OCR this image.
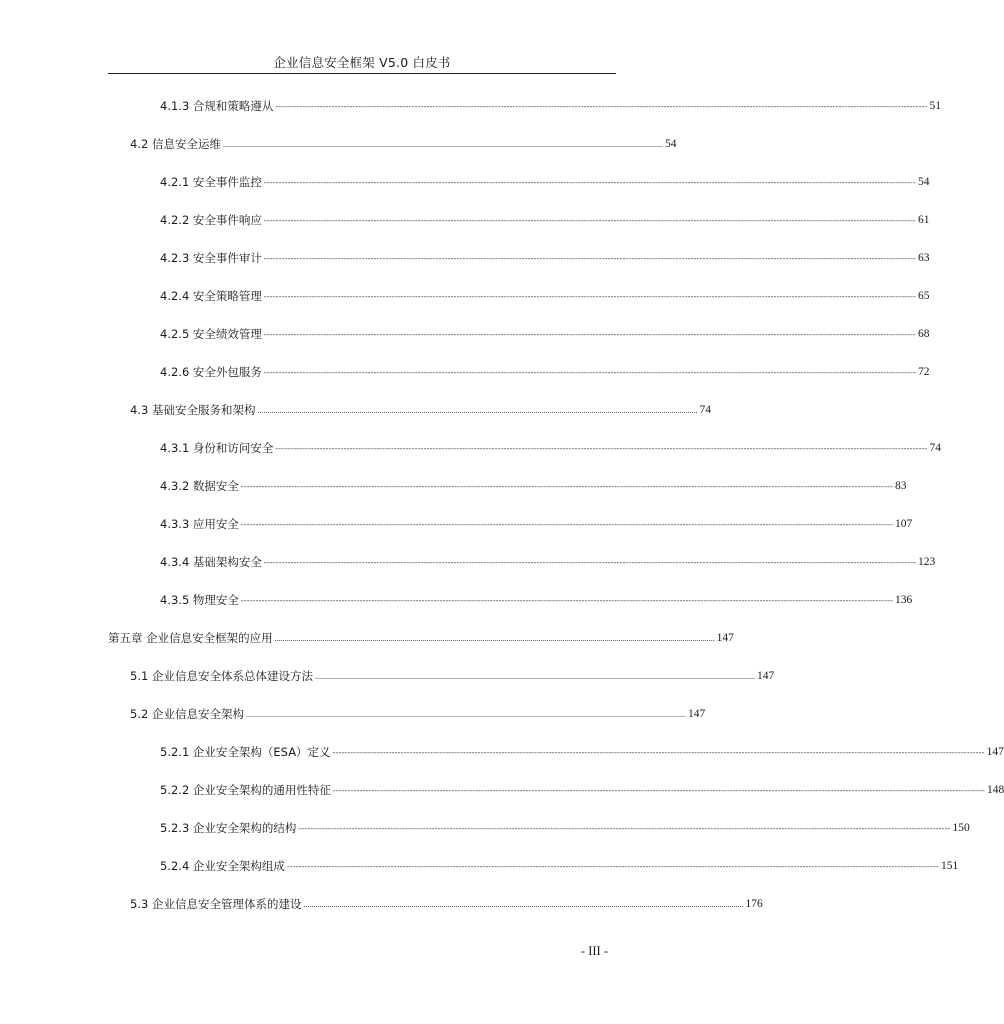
企业信息安全框架 V5.0 白皮书
4.1.3 合规和策略遵从 ---------------------------------------------------------------------------------------------------------------------------------------------------------------------------------------------------------------------------- 51
4.2 信息安全运维 ............................................................................................................................................................................................................................ 54
4.2.1 安全事件监控 ---------------------------------------------------------------------------------------------------------------------------------------------------------------------------------------------------------------------------- 54
4.2.2 安全事件响应 ---------------------------------------------------------------------------------------------------------------------------------------------------------------------------------------------------------------------------- 61
4.2.3 安全事件审计 ---------------------------------------------------------------------------------------------------------------------------------------------------------------------------------------------------------------------------- 63
4.2.4 安全策略管理 ---------------------------------------------------------------------------------------------------------------------------------------------------------------------------------------------------------------------------- 65
4.2.5 安全绩效管理 ---------------------------------------------------------------------------------------------------------------------------------------------------------------------------------------------------------------------------- 68
4.2.6 安全外包服务 ---------------------------------------------------------------------------------------------------------------------------------------------------------------------------------------------------------------------------- 72
4.3 基础安全服务和架构 ............................................................................................................................................................................................................................ 74
4.3.1 身份和访问安全 ---------------------------------------------------------------------------------------------------------------------------------------------------------------------------------------------------------------------------- 74
4.3.2 数据安全 ---------------------------------------------------------------------------------------------------------------------------------------------------------------------------------------------------------------------------- 83
4.3.3 应用安全 ---------------------------------------------------------------------------------------------------------------------------------------------------------------------------------------------------------------------------- 107
4.3.4 基础架构安全 ---------------------------------------------------------------------------------------------------------------------------------------------------------------------------------------------------------------------------- 123
4.3.5 物理安全 ---------------------------------------------------------------------------------------------------------------------------------------------------------------------------------------------------------------------------- 136
第五章 企业信息安全框架的应用 ............................................................................................................................................................................................................................ 147
5.1 企业信息安全体系总体建设方法 ............................................................................................................................................................................................................................ 147
5.2 企业信息安全架构 ............................................................................................................................................................................................................................ 147
5.2.1 企业安全架构（ESA）定义 ---------------------------------------------------------------------------------------------------------------------------------------------------------------------------------------------------------------------------- 147
5.2.2 企业安全架构的通用性特征 ---------------------------------------------------------------------------------------------------------------------------------------------------------------------------------------------------------------------------- 148
5.2.3 企业安全架构的结构 ---------------------------------------------------------------------------------------------------------------------------------------------------------------------------------------------------------------------------- 150
5.2.4 企业安全架构组成 ---------------------------------------------------------------------------------------------------------------------------------------------------------------------------------------------------------------------------- 151
5.3 企业信息安全管理体系的建设 ............................................................................................................................................................................................................................ 176
- III -
